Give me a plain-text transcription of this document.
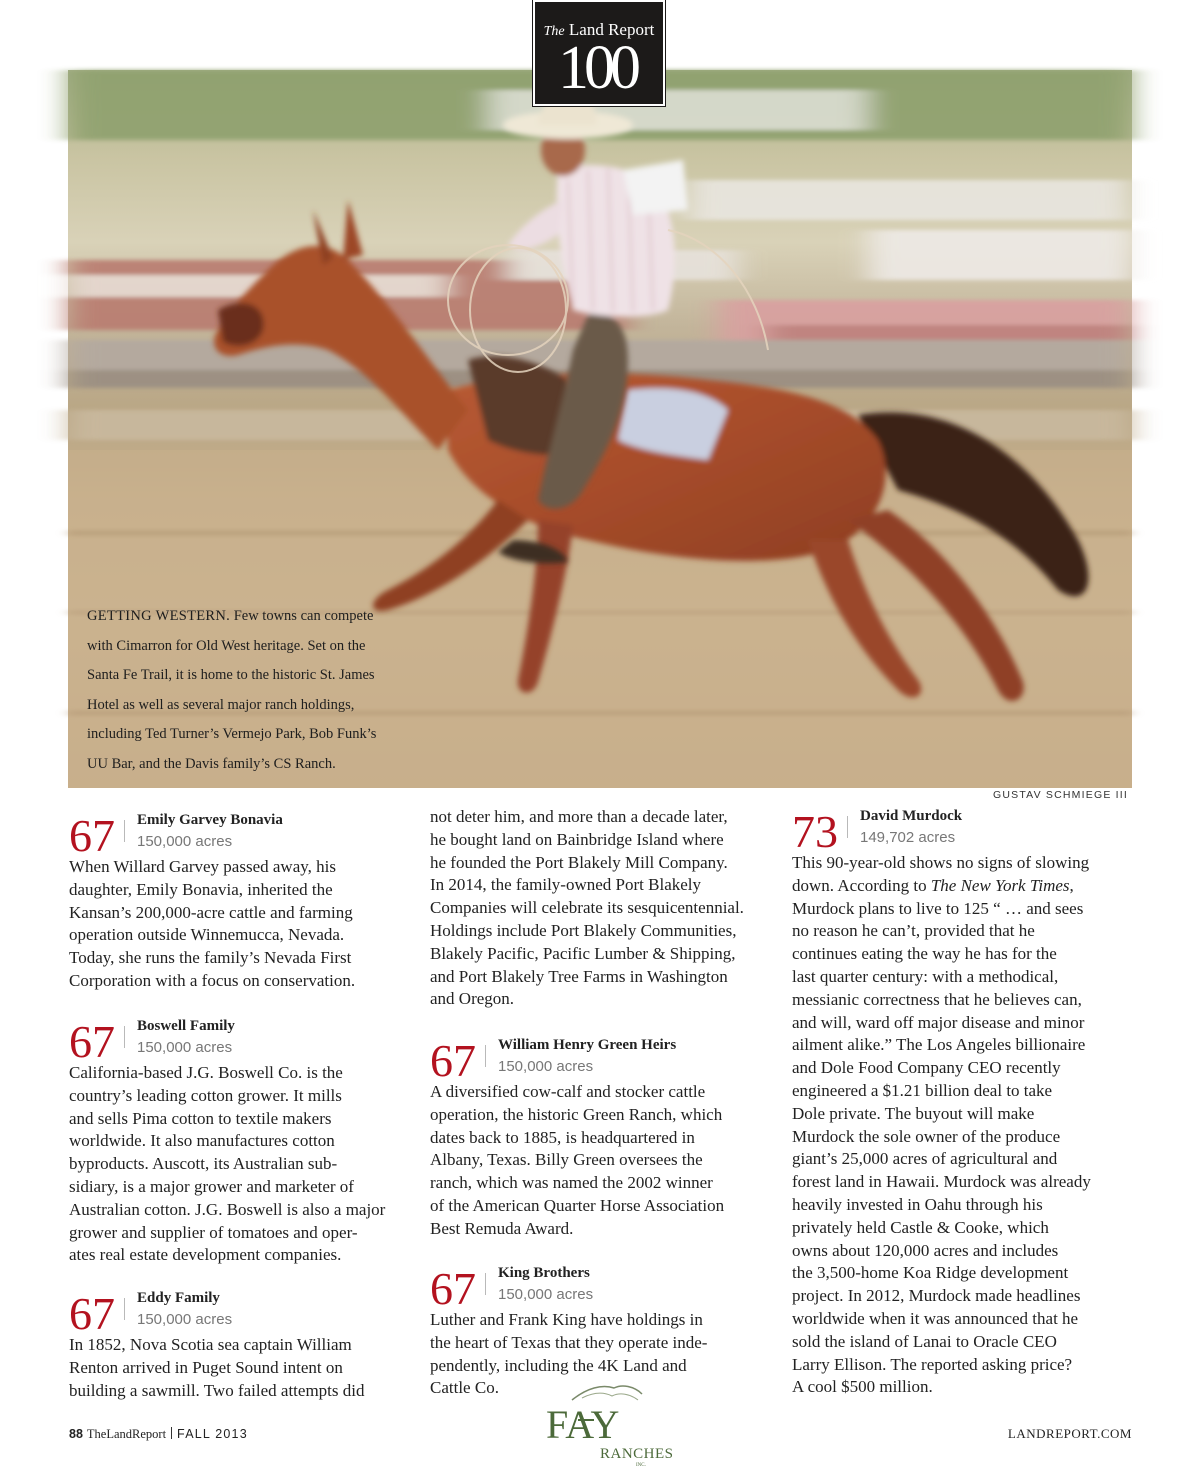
GETTING WESTERN. Few towns can compete
with Cimarron for Old West heritage. Set on the
Santa Fe Trail, it is home to the historic St. James
Hotel as well as several major ranch holdings,
including Ted Turner’s Vermejo Park, Bob Funk’s
UU Bar, and the Davis family’s CS Ranch.
GUSTAV SCHMIEGE III
The Land Report
100
67 Emily Garvey Bonavia
150,000 acres
When Willard Garvey passed away, his
daughter, Emily Bonavia, inherited the
Kansan’s 200,000-acre cattle and farming
operation outside Winnemucca, Nevada.
Today, she runs the family’s Nevada First
Corporation with a focus on conservation.
67 Boswell Family
150,000 acres
California-based J.G. Boswell Co. is the
country’s leading cotton grower. It mills
and sells Pima cotton to textile makers
worldwide. It also manufactures cotton
byproducts. Auscott, its Australian sub-
sidiary, is a major grower and marketer of
Australian cotton. J.G. Boswell is also a major
grower and supplier of tomatoes and oper-
ates real estate development companies.
67 Eddy Family
150,000 acres
In 1852, Nova Scotia sea captain William
Renton arrived in Puget Sound intent on
building a sawmill. Two failed attempts did
not deter him, and more than a decade later,
he bought land on Bainbridge Island where
he founded the Port Blakely Mill Company.
In 2014, the family-owned Port Blakely
Companies will celebrate its sesquicentennial.
Holdings include Port Blakely Communities,
Blakely Pacific, Pacific Lumber & Shipping,
and Port Blakely Tree Farms in Washington
and Oregon.
67 William Henry Green Heirs
150,000 acres
A diversified cow-calf and stocker cattle
operation, the historic Green Ranch, which
dates back to 1885, is headquartered in
Albany, Texas. Billy Green oversees the
ranch, which was named the 2002 winner
of the American Quarter Horse Association
Best Remuda Award.
67 King Brothers
150,000 acres
Luther and Frank King have holdings in
the heart of Texas that they operate inde-
pendently, including the 4K Land and
Cattle Co.
73 David Murdock
149,702 acres
This 90-year-old shows no signs of slowing
down. According to The New York Times,
Murdock plans to live to 125 “ … and sees
no reason he can’t, provided that he
continues eating the way he has for the
last quarter century: with a methodical,
messianic correctness that he believes can,
and will, ward off major disease and minor
ailment alike.” The Los Angeles billionaire
and Dole Food Company CEO recently
engineered a $1.21 billion deal to take
Dole private. The buyout will make
Murdock the sole owner of the produce
giant’s 25,000 acres of agricultural and
forest land in Hawaii. Murdock was already
heavily invested in Oahu through his
privately held Castle & Cooke, which
owns about 120,000 acres and includes
the 3,500-home Koa Ridge development
project. In 2012, Murdock made headlines
worldwide when it was announced that he
sold the island of Lanai to Oracle CEO
Larry Ellison. The reported asking price?
A cool $500 million.
88 TheLandReport FALL 2013	FAY
RANCHES
INC.
LANDREPORT.COM
